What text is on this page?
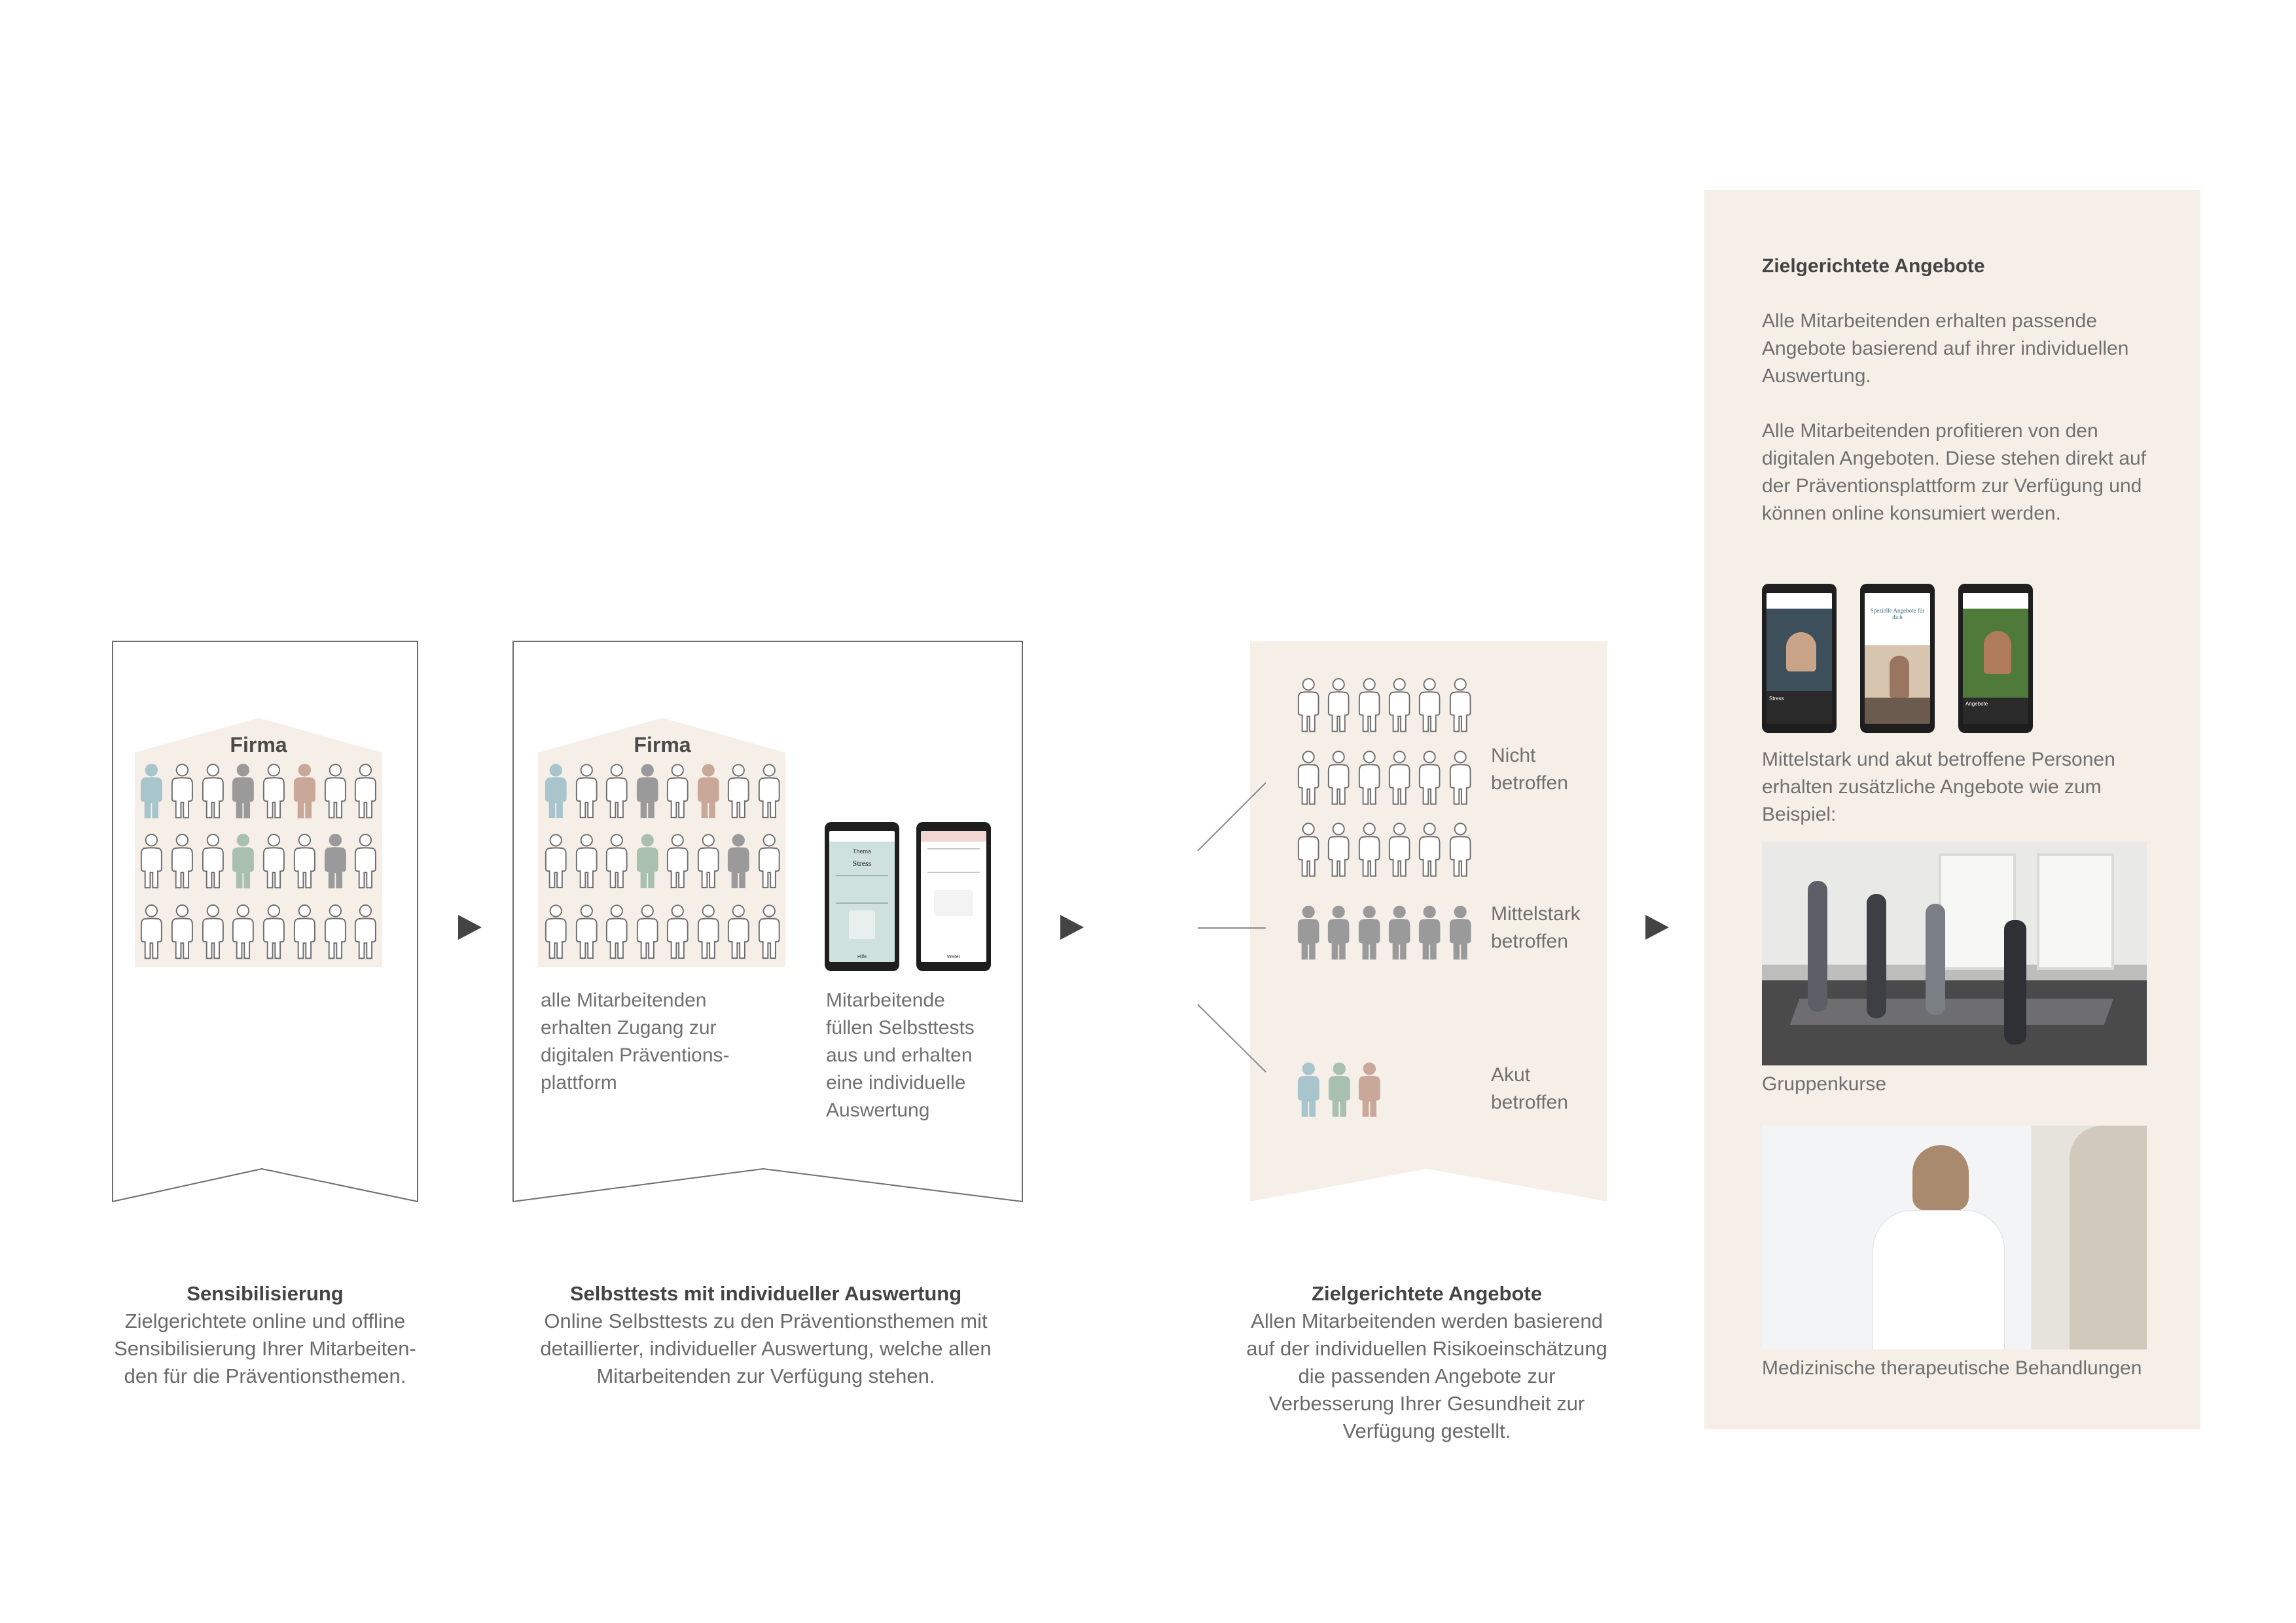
Firma	Firma
Thema
Stress
Hilfe	Weiter
alle Mitarbeitenden
erhalten Zugang zur
digitalen Präventions-
plattform
Mitarbeitende
füllen Selbsttests
aus und erhalten
eine individuelle
Auswertung
Nicht
betroffen
Mittelstark
betroffen
Akut
betroffen
Sensibilisierung
Zielgerichtete online und offline
Sensibilisierung Ihrer Mitarbeiten-
den für die Präventionsthemen.
Selbsttests mit individueller Auswertung
Online Selbsttests zu den Präventionsthemen mit
detaillierter, individueller Auswertung, welche allen
Mitarbeitenden zur Verfügung stehen.
Zielgerichtete Angebote
Allen Mitarbeitenden werden basierend
auf der individuellen Risikoeinschätzung
die passenden Angebote zur
Verbesserung Ihrer Gesundheit zur
Verfügung gestellt.
Zielgerichtete Angebote
Alle Mitarbeitenden erhalten passende
Angebote basierend auf ihrer individuellen
Auswertung.
Alle Mitarbeitenden profitieren von den
digitalen Angeboten. Diese stehen direkt auf
der Präventionsplattform zur Verfügung und
können online konsumiert werden.
Stress
Spezielle Angebote für dich
Angebote
Mittelstark und akut betroffene Personen
erhalten zusätzliche Angebote wie zum
Beispiel:
Gruppenkurse
Medizinische therapeutische Behandlungen
